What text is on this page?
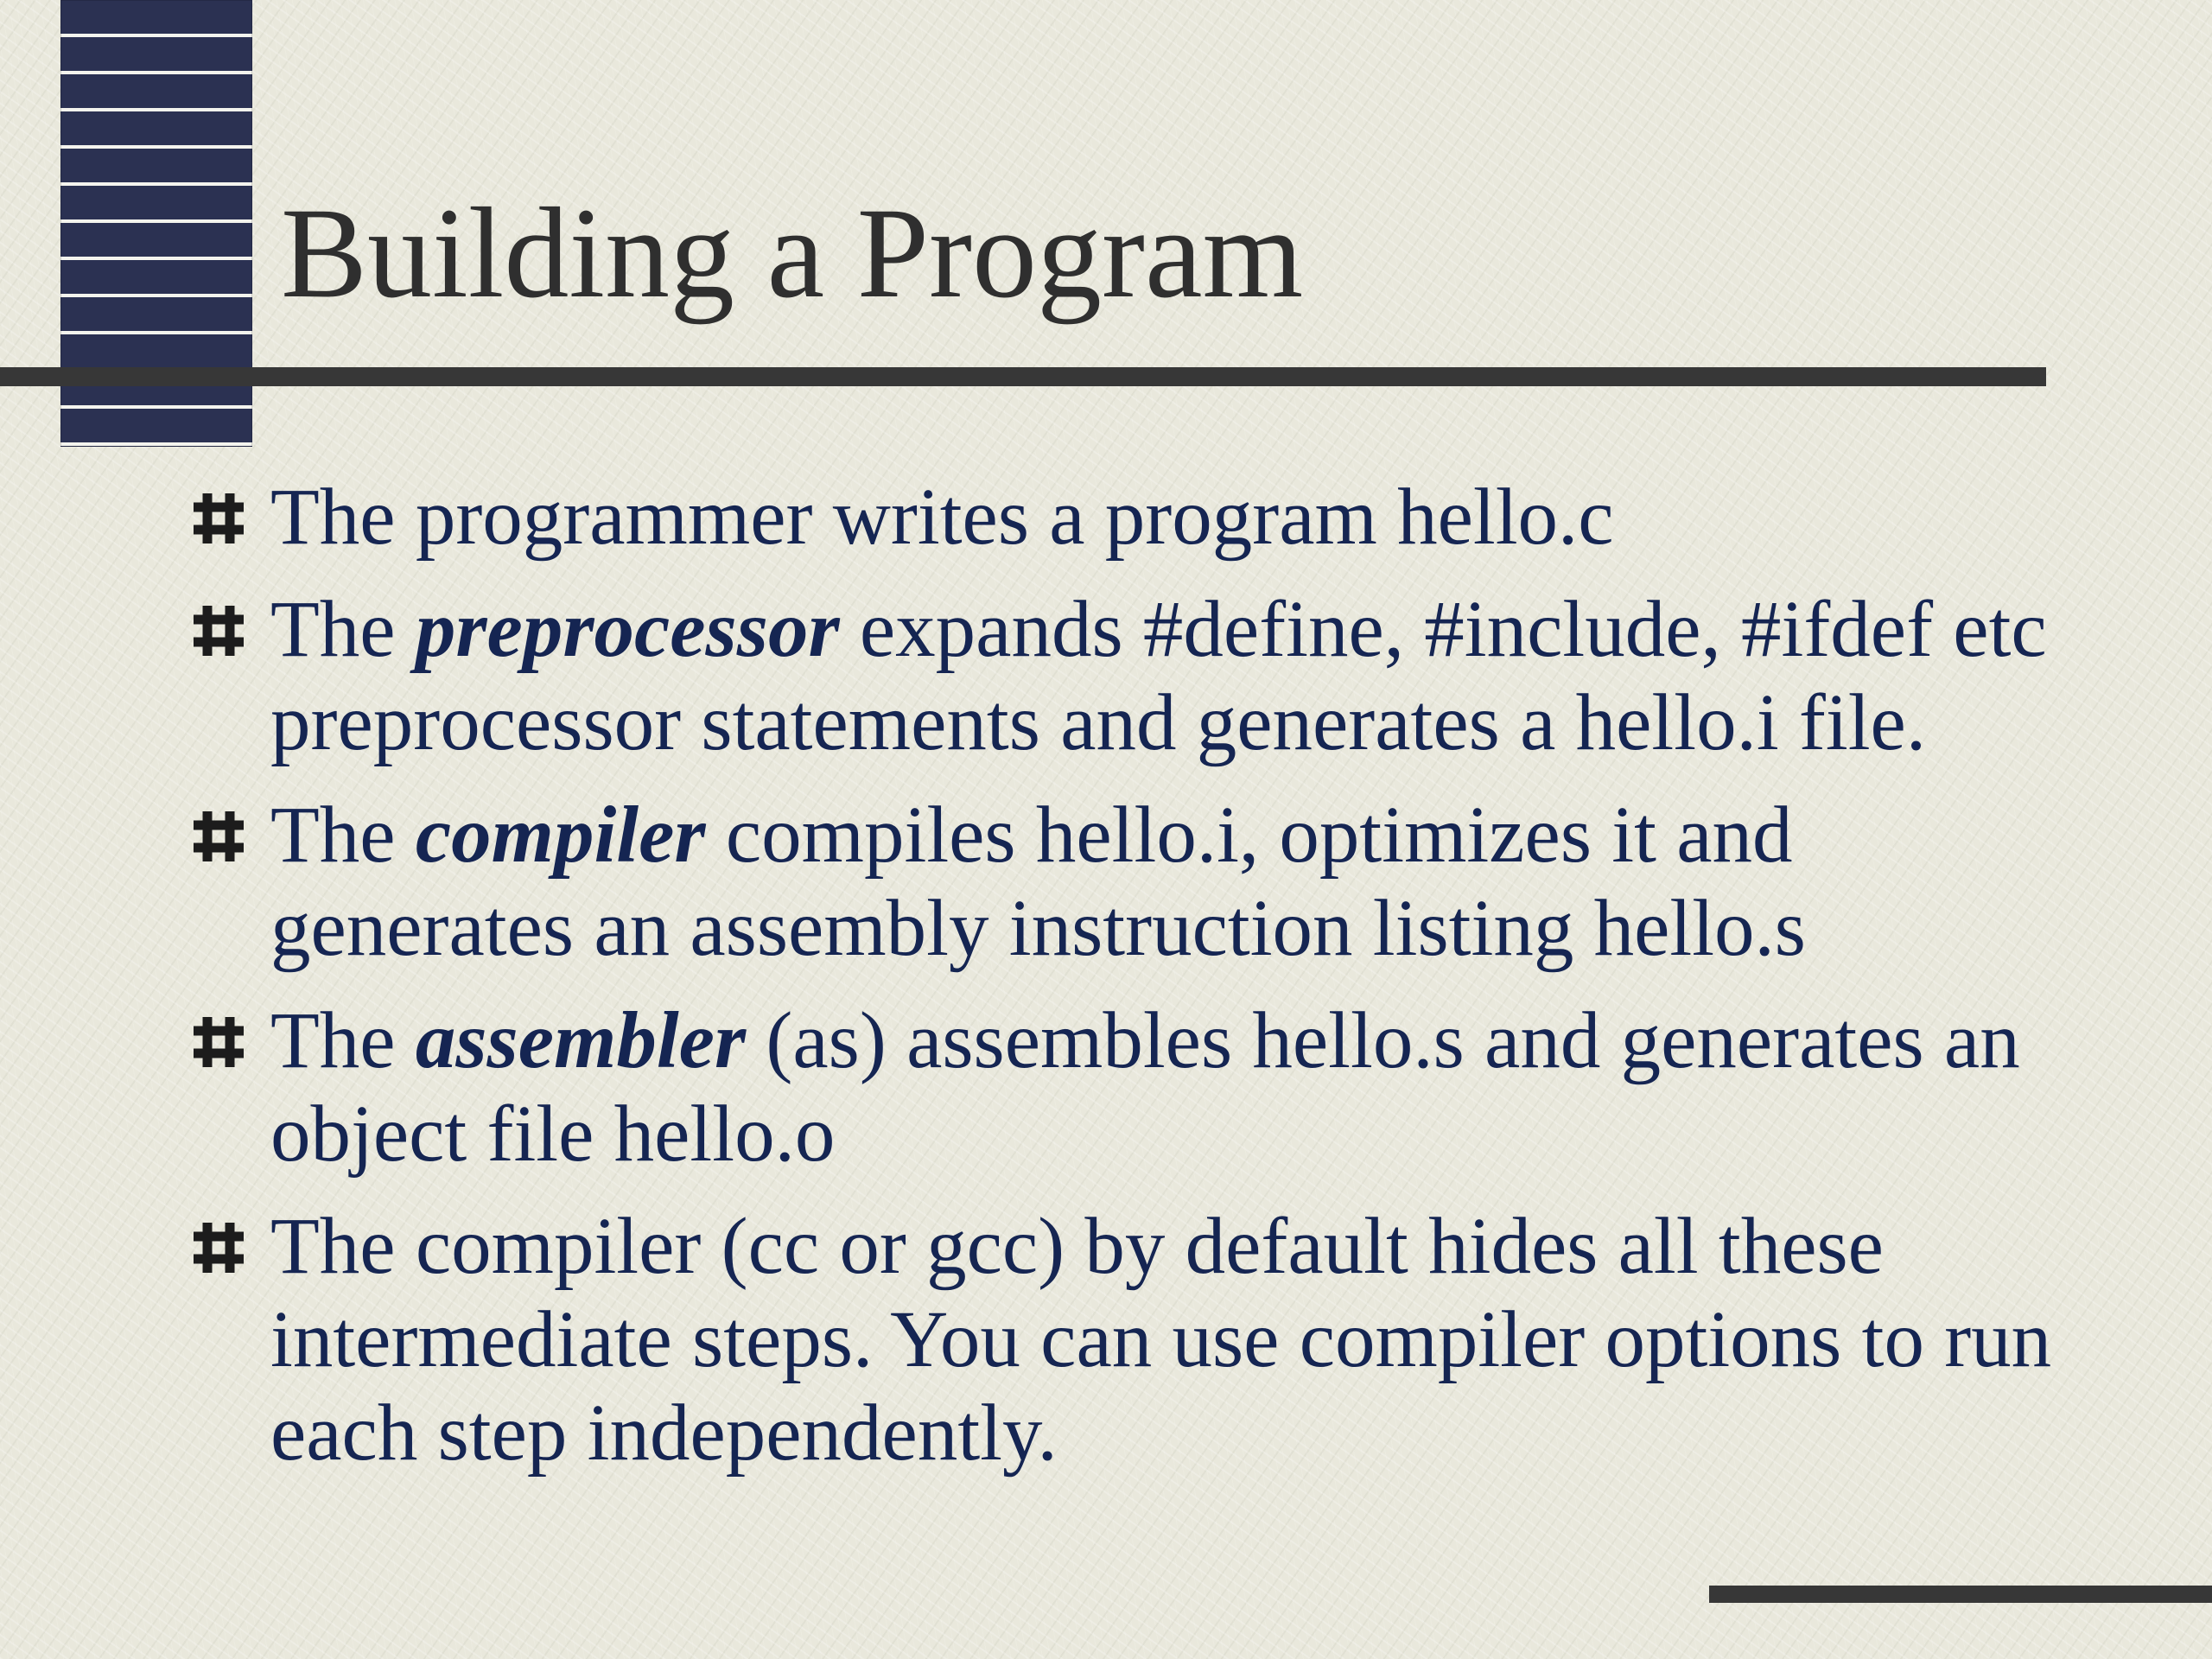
Building a Program
The programmer writes a program hello.c
The preprocessor expands #define, #include, #ifdef etc preprocessor statements and generates a hello.i file.
The compiler compiles hello.i, optimizes it and generates an assembly instruction listing hello.s
The assembler (as) assembles hello.s and generates an object file hello.o
The compiler (cc or gcc) by default hides all these intermediate steps. You can use compiler options to run each step independently.
